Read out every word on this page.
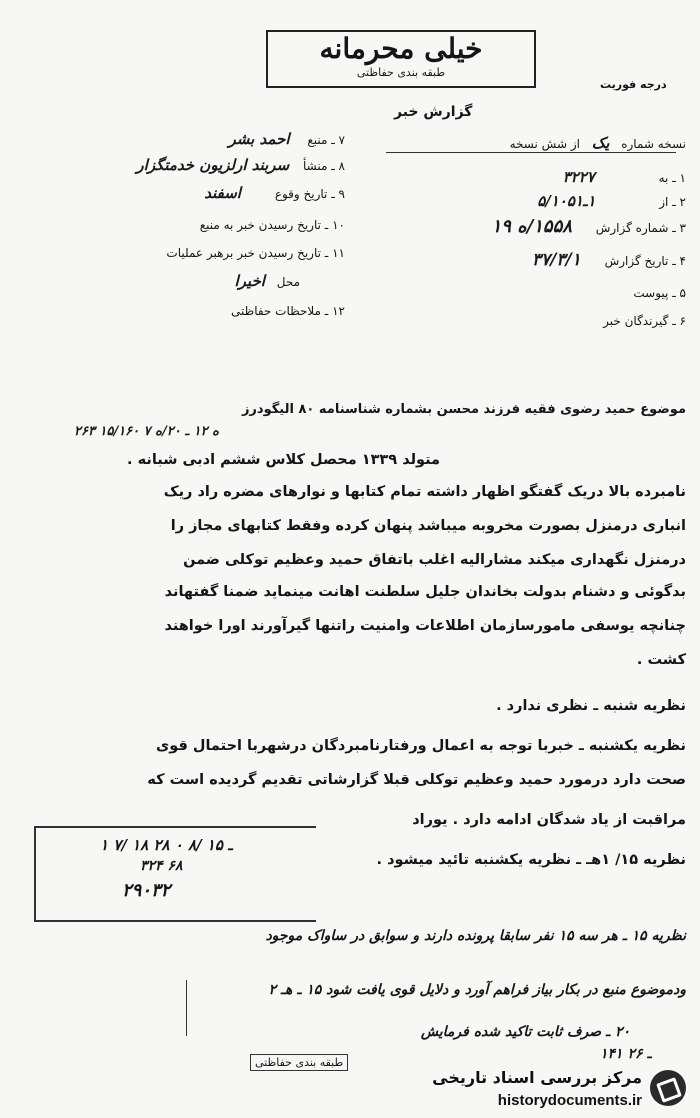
خیلی محرمانه
طبقه بندی حفاظتی
درجه فوریت
گزارش خبر
نسخه شماره یک از شش نسخه
۱ ـ به ۳۲۲۷
۲ ـ از ۱ـ۵/۱۰۵۱
۳ ـ شماره گزارش ۱۵۵۸/ه ۱۹
۴ ـ تاریخ گزارش ۳۷/۳/۱
۵ ـ پیوست
۶ ـ گیرندگان خبر
۷ ـ منبع احمد بشر
۸ ـ منشأ سربند ارلزیون خدمتگزار
۹ ـ تاریخ وقوع اسفند
۱۰ ـ تاریخ رسیدن خبر به منبع
۱۱ ـ تاریخ رسیدن خبر برهبر عملیات
محل اخیرا
۱۲ ـ ملاحظات حفاظتی
موضوع حمید رضوی فقیه فرزند محسن بشماره شناسنامه ۸۰ الیگودرز
۲۶۳ ۱۵/ه ۱۲ ـ ۲۰/ه ۷ ۱۶۰
متولد ۱۳۳۹ محصل کلاس ششم ادبی شبانه .
نامبرده بالا دریک گفتگو اظهار داشته تمام کتابها و نوارهای مضره راد ریک
انباری درمنزل بصورت مخروبه میباشد پنهان کرده وفقط کتابهای مجاز را
درمنزل نگهداری میکند مشارالیه اغلب باتفاق حمید وعظیم توکلی ضمن
بدگوئی و دشنام بدولت بخاندان جلیل سلطنت اهانت مینماید ضمنا گفتهاند
چنانچه یوسفی مامورسازمان اطلاعات وامنیت راتنها گیرآورند اورا خواهند
کشت .
نظریه شنبه ـ نظری ندارد .
نظریه یکشنبه ـ خبربا توجه به اعمال ورفتارنامبردگان درشهربا احتمال قوی
صحت دارد درمورد حمید وعظیم توکلی قبلا گزارشاتی تقدیم گردیده است که
مراقبت از یاد شدگان ادامه دارد . یوراد
نظریه ۱۵/ ۱هـ ـ نظریه یکشنبه تائید میشود .
۱ ۷/ ۱۸ ـ ۱۵ /۸ ۰ ۲۸
۳۲۴ ۶۸
۲۹۰۳۲
نظریه ۱۵ ـ هر سه ۱۵ نفر سابقا پرونده دارند و سوابق در ساواک موجود
ودموضوع منبع در بکار بیاز فراهم آورد و دلایل قوی یافت شود ۱۵ ـ هـ ۲
۲۰ ـ صرف ثابت تاکید شده فرمایش
طبقه بندی حفاظتی
۱۴۱ ـ ۲۶
مرکز بررسی اسناد تاریخی
historydocuments.ir
